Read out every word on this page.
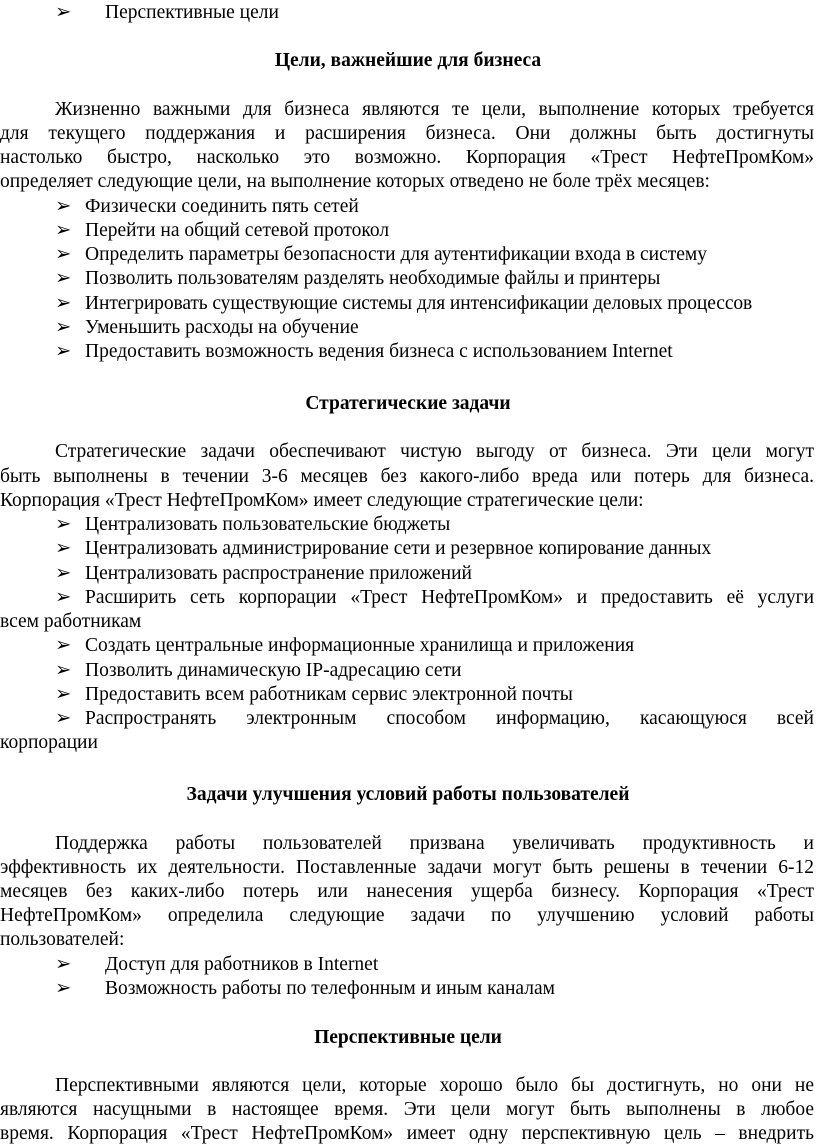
➢ Перспективные цели
Цели, важнейшие для бизнеса
Жизненно важными для бизнеса являются те цели, выполнение которых требуется
для текущего поддержания и расширения бизнеса. Они должны быть достигнуты
настолько быстро, насколько это возможно. Корпорация «Трест НефтеПромКом»
определяет следующие цели, на выполнение которых отведено не боле трёх месяцев:
➢ Физически соединить пять сетей
➢ Перейти на общий сетевой протокол
➢ Определить параметры безопасности для аутентификации входа в систему
➢ Позволить пользователям разделять необходимые файлы и принтеры
➢ Интегрировать существующие системы для интенсификации деловых процессов
➢ Уменьшить расходы на обучение
➢ Предоставить возможность ведения бизнеса с использованием Internet
Стратегические задачи
Стратегические задачи обеспечивают чистую выгоду от бизнеса. Эти цели могут
быть выполнены в течении 3-6 месяцев без какого-либо вреда или потерь для бизнеса.
Корпорация «Трест НефтеПромКом» имеет следующие стратегические цели:
➢ Централизовать пользовательские бюджеты
➢ Централизовать администрирование сети и резервное копирование данных
➢ Централизовать распространение приложений
➢ Расширить сеть корпорации «Трест НефтеПромКом» и предоставить её услуги
всем работникам
➢ Создать центральные информационные хранилища и приложения
➢ Позволить динамическую IP-адресацию сети
➢ Предоставить всем работникам сервис электронной почты
➢ Распространять электронным способом информацию, касающуюся всей
корпорации
Задачи улучшения условий работы пользователей
Поддержка работы пользователей призвана увеличивать продуктивность и
эффективность их деятельности. Поставленные задачи могут быть решены в течении 6-12
месяцев без каких-либо потерь или нанесения ущерба бизнесу. Корпорация «Трест
НефтеПромКом» определила следующие задачи по улучшению условий работы
пользователей:
➢ Доступ для работников в Internet
➢ Возможность работы по телефонным и иным каналам
Перспективные цели
Перспективными являются цели, которые хорошо было бы достигнуть, но они не
являются насущными в настоящее время. Эти цели могут быть выполнены в любое
время. Корпорация «Трест НефтеПромКом» имеет одну перспективную цель – внедрить
